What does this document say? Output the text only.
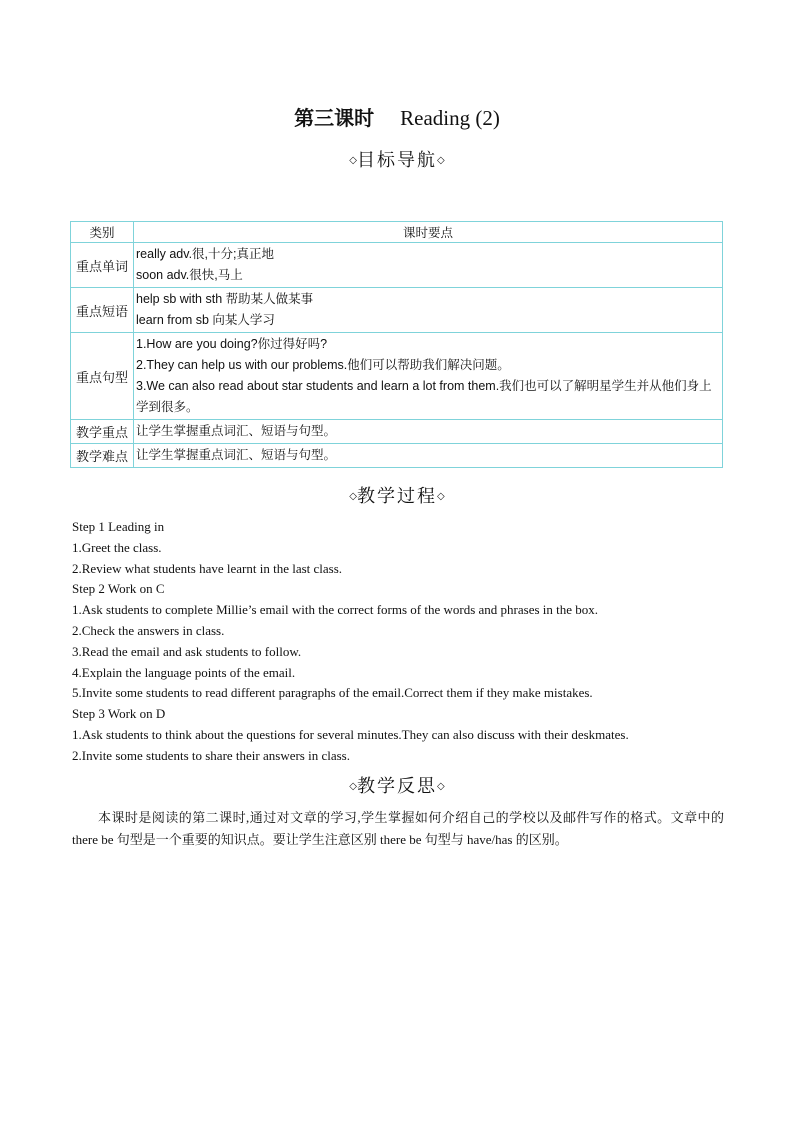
第三课时 Reading (2)
◇目标导航◇
类别	课时要点
重点单词	really adv.很,十分;真正地
soon adv.很快,马上

重点短语	help sb with sth 帮助某人做某事
learn from sb 向某人学习

重点句型	1.How are you doing?你过得好吗?
2.They can help us with our problems.他们可以帮助我们解决问题。
3.We can also read about star students and learn a lot from them.我们也可以了解明星学生并从他们身上学到很多。

教学重点	让学生掌握重点词汇、短语与句型。

教学难点	让学生掌握重点词汇、短语与句型。
◇教学过程◇
Step 1 Leading in
1.Greet the class.
2.Review what students have learnt in the last class.
Step 2 Work on C
1.Ask students to complete Millie’s email with the correct forms of the words and phrases in the box.
2.Check the answers in class.
3.Read the email and ask students to follow.
4.Explain the language points of the email.
5.Invite some students to read different paragraphs of the email.Correct them if they make mistakes.
Step 3 Work on D
1.Ask students to think about the questions for several minutes.They can also discuss with their deskmates.
2.Invite some students to share their answers in class.
◇教学反思◇
本课时是阅读的第二课时,通过对文章的学习,学生掌握如何介绍自己的学校以及邮件写作的格式。文章中的 there be 句型是一个重要的知识点。要让学生注意区别 there be 句型与 have/has 的区别。
